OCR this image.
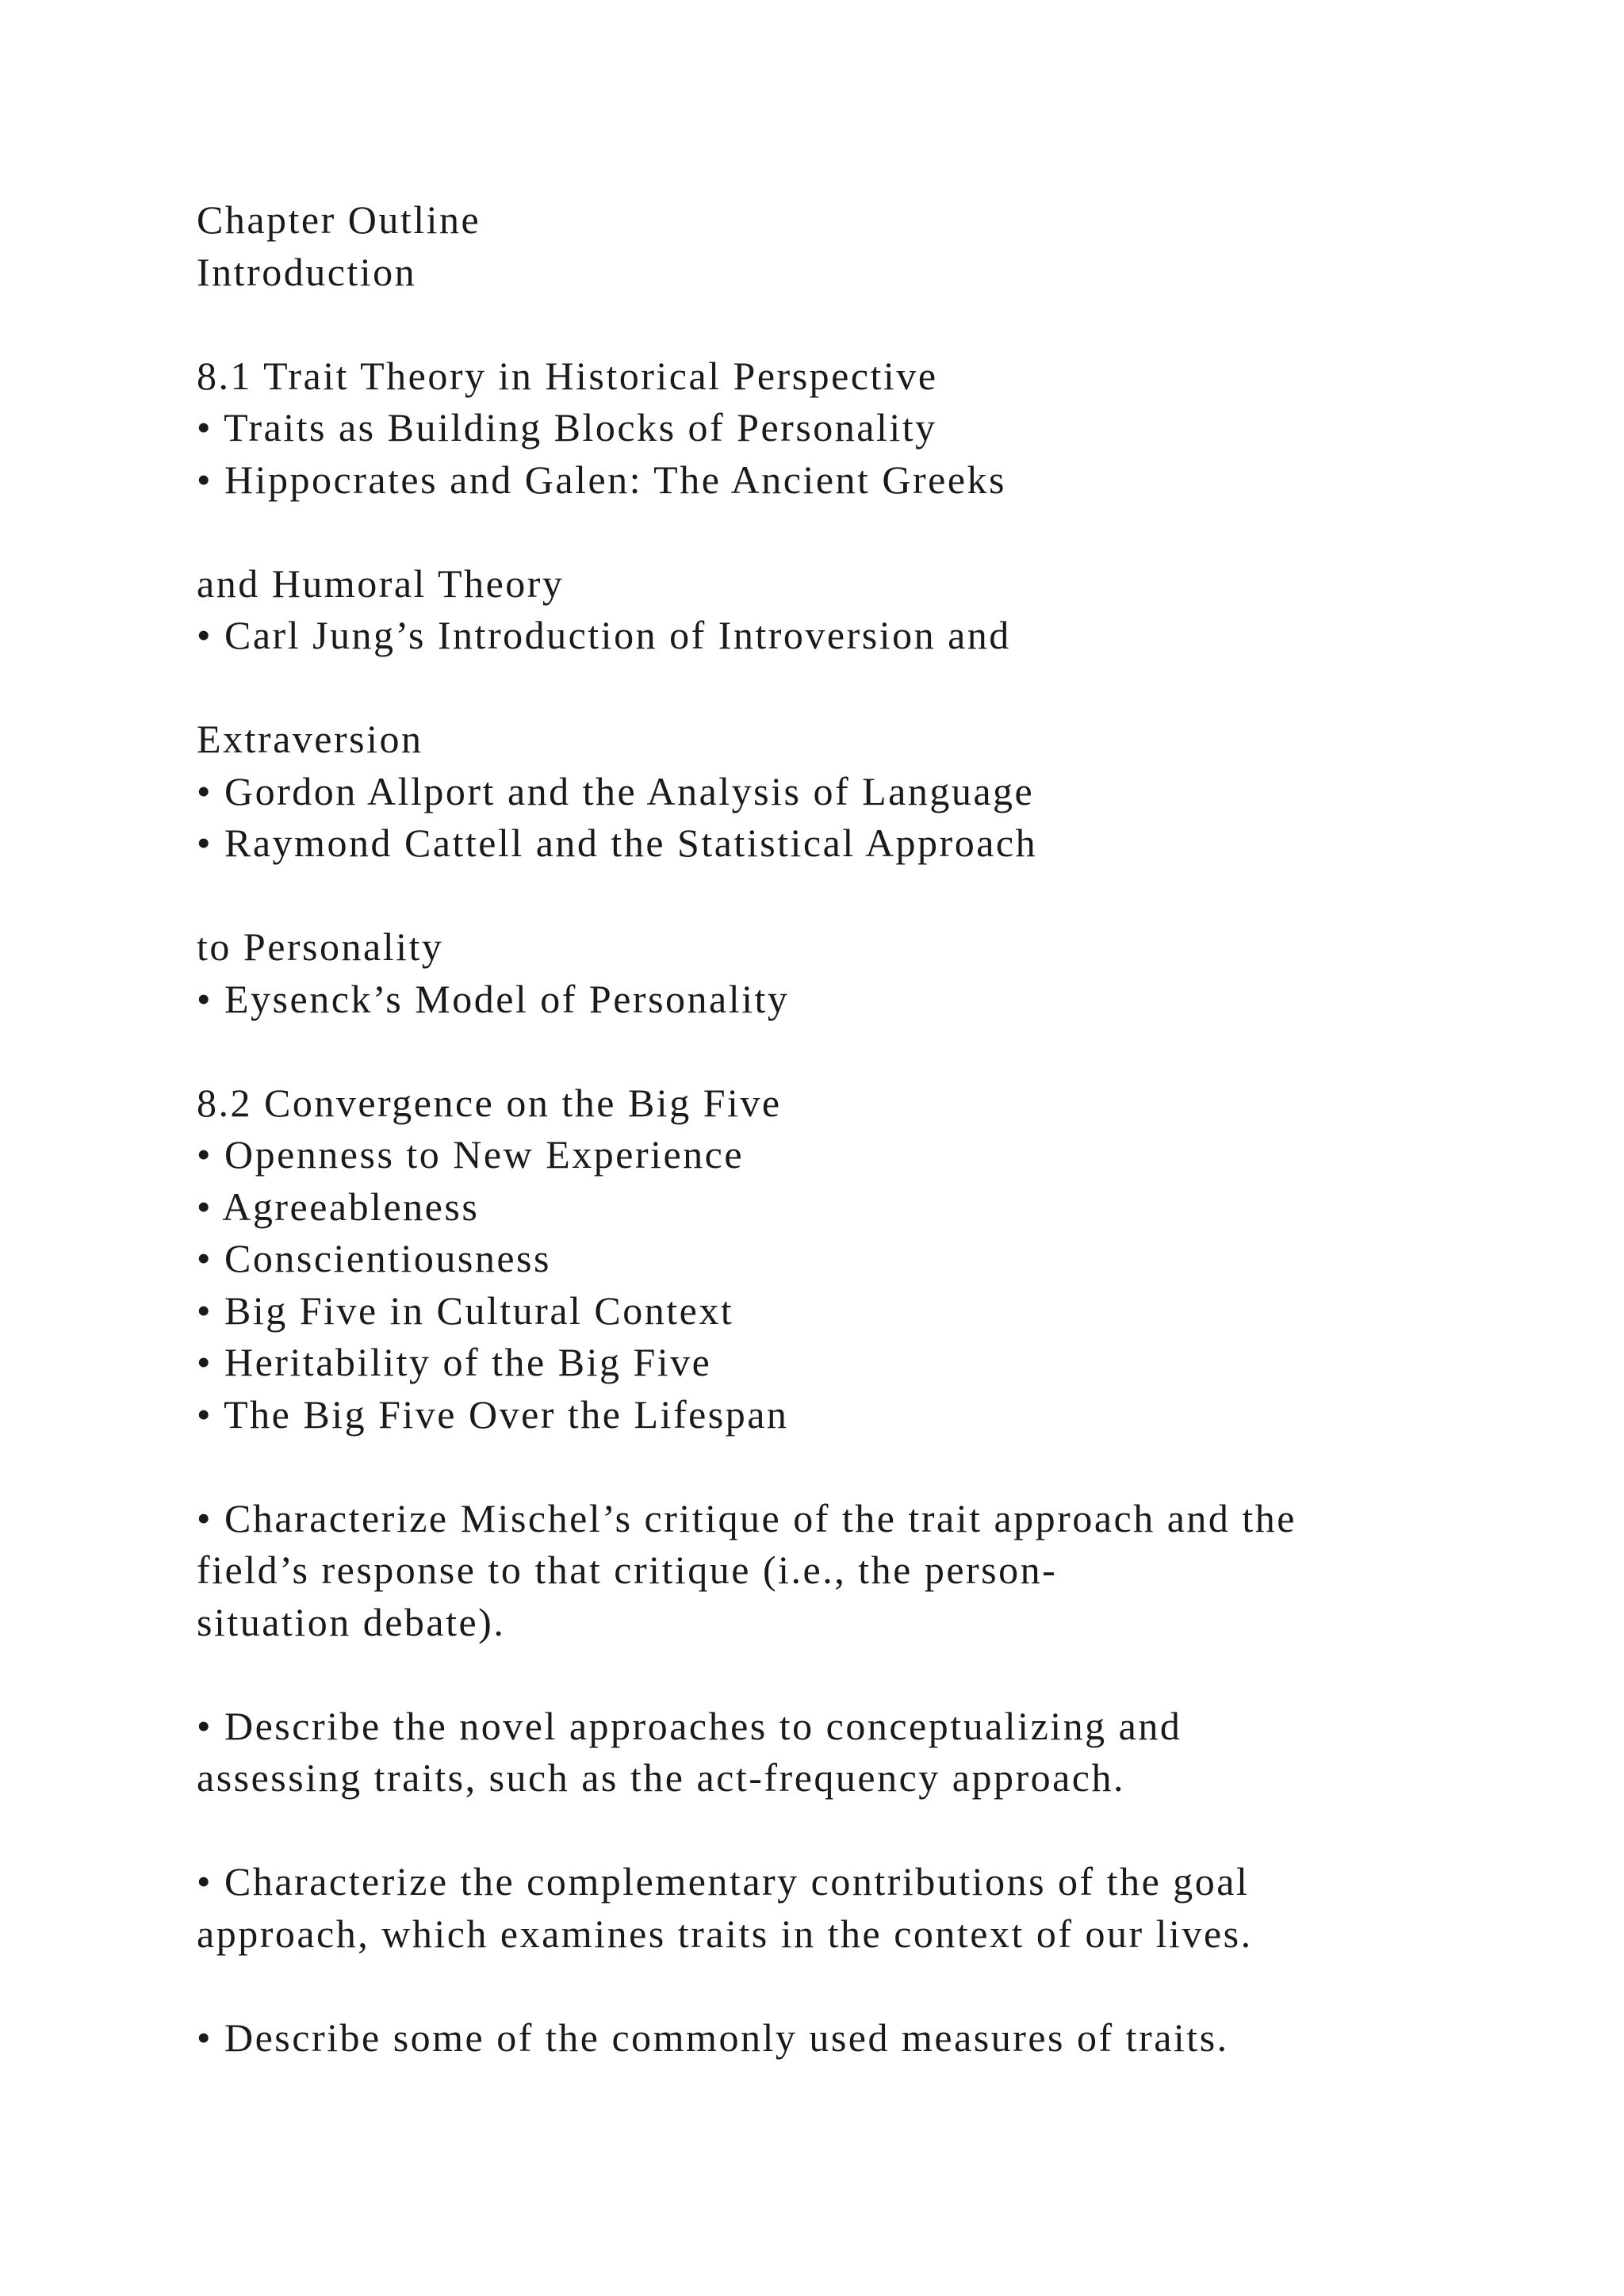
Chapter Outline
Introduction
8.1 Trait Theory in Historical Perspective
• Traits as Building Blocks of Personality
• Hippocrates and Galen: The Ancient Greeks
and Humoral Theory
• Carl Jung’s Introduction of Introversion and
Extraversion
• Gordon Allport and the Analysis of Language
• Raymond Cattell and the Statistical Approach
to Personality
• Eysenck’s Model of Personality
8.2 Convergence on the Big Five
• Openness to New Experience
• Agreeableness
• Conscientiousness
• Big Five in Cultural Context
• Heritability of the Big Five
• The Big Five Over the Lifespan
• Characterize Mischel’s critique of the trait approach and the
field’s response to that critique (i.e., the person-
situation debate).
• Describe the novel approaches to conceptualizing and
assessing traits, such as the act-frequency approach.
• Characterize the complementary contributions of the goal
approach, which examines traits in the context of our lives.
• Describe some of the commonly used measures of traits.
